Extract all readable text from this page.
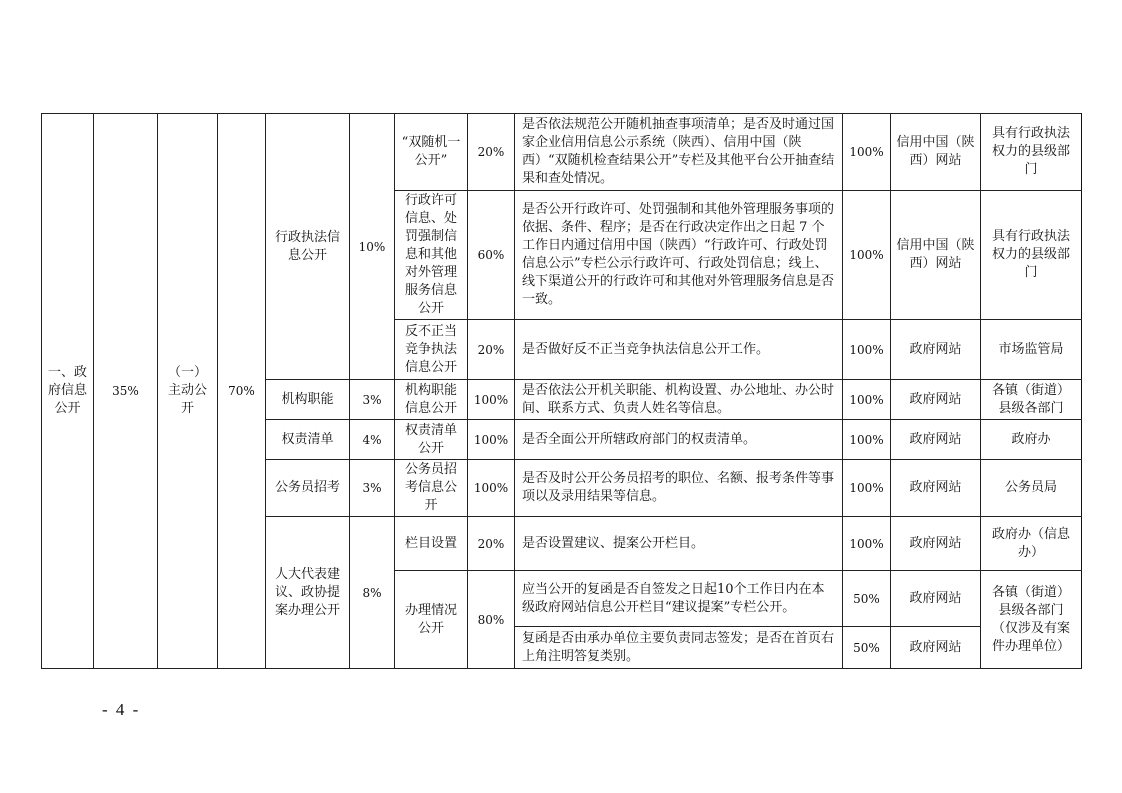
一、政府信息公开	35%	（一）主动公开	70%	行政执法信息公开	10%	“双随机一公开”	20%	是否依法规范公开随机抽查事项清单；是否及时通过国家企业信用信息公示系统（陕西）、信用中国（陕西）“双随机检查结果公开”专栏及其他平台公开抽查结果和查处情况。	100%	信用中国（陕西）网站	具有行政执法权力的县级部门
						行政许可信息、处罚强制信息和其他对外管理服务信息公开	60%	是否公开行政许可、处罚强制和其他外管理服务事项的依据、条件、程序；是否在行政决定作出之日起 7 个工作日内通过信用中国（陕西）“行政许可、行政处罚信息公示”专栏公示行政许可、行政处罚信息；线上、线下渠道公开的行政许可和其他对外管理服务信息是否一致。	100%	信用中国（陕西）网站	具有行政执法权力的县级部门
						反不正当竞争执法信息公开	20%	是否做好反不正当竞争执法信息公开工作。	100%	政府网站	市场监管局
				机构职能	3%	机构职能信息公开	100%	是否依法公开机关职能、机构设置、办公地址、办公时间、联系方式、负责人姓名等信息。	100%	政府网站	各镇（街道）县级各部门
				权责清单	4%	权责清单公开	100%	是否全面公开所辖政府部门的权责清单。	100%	政府网站	政府办
				公务员招考	3%	公务员招考信息公开	100%	是否及时公开公务员招考的职位、名额、报考条件等事项以及录用结果等信息。	100%	政府网站	公务员局
				人大代表建议、政协提案办理公开	8%	栏目设置	20%	是否设置建议、提案公开栏目。	100%	政府网站	政府办（信息办）
						办理情况公开	80%	应当公开的复函是否自签发之日起10个工作日内在本级政府网站信息公开栏目“建议提案”专栏公开。	50%	政府网站	各镇（街道）县级各部门（仅涉及有案件办理单位）
								复函是否由承办单位主要负责同志签发；是否在首页右上角注明答复类别。	50%	政府网站	
- 4 -
